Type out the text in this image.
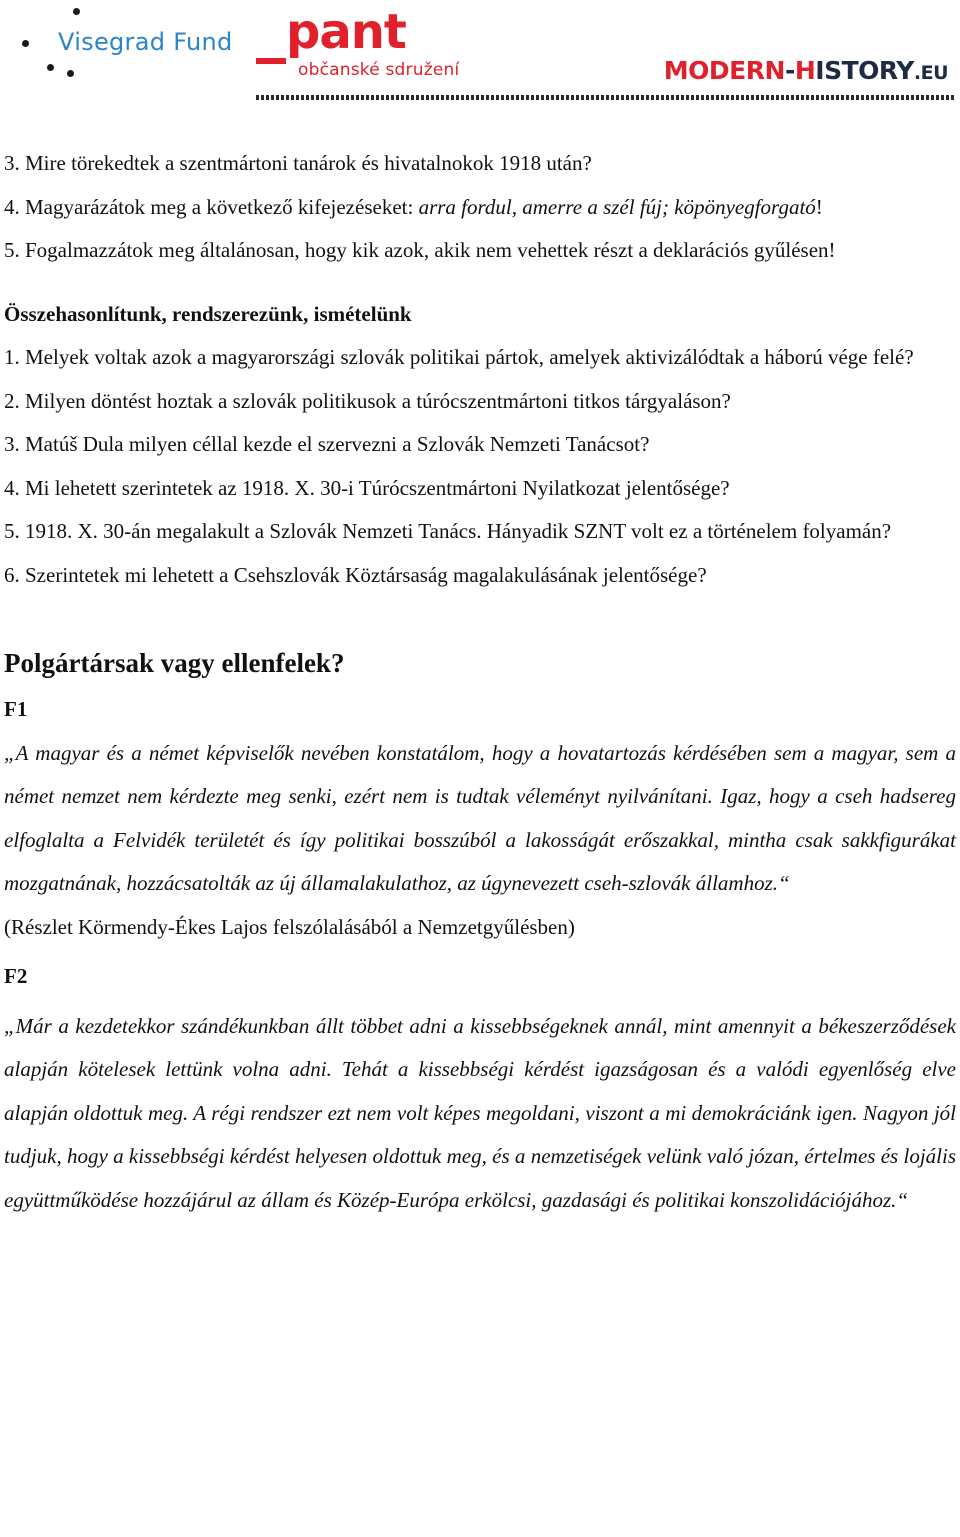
Visegrad Fund pant
občanské sdružení	MODERN-HISTORY.EU

3. Mire törekedtek a szentmártoni tanárok és hivatalnokok 1918 után?

4. Magyarázátok meg a következő kifejezéseket: arra fordul, amerre a szél fúj; köpönyegforgató!

5. Fogalmazzátok meg általánosan, hogy kik azok, akik nem vehettek részt a deklarációs gyűlésen!

Összehasonlítunk, rendszerezünk, ismételünk

1. Melyek voltak azok a magyarországi szlovák politikai pártok, amelyek aktivizálódtak a háború vége felé?

2. Milyen döntést hoztak a szlovák politikusok a túrócszentmártoni titkos tárgyaláson?

3. Matúš Dula milyen céllal kezde el szervezni a Szlovák Nemzeti Tanácsot?

4. Mi lehetett szerintetek az 1918. X. 30-i Túrócszentmártoni Nyilatkozat jelentősége?

5. 1918. X. 30-án megalakult a Szlovák Nemzeti Tanács. Hányadik SZNT volt ez a történelem folyamán?

6. Szerintetek mi lehetett a Csehszlovák Köztársaság magalakulásának jelentősége?

Polgártársak vagy ellenfelek?
F1

„A magyar és a német képviselők nevében konstatálom, hogy a hovatartozás kérdésében sem a magyar, sem a német nemzet nem kérdezte meg senki, ezért nem is tudtak véleményt nyilvánítani. Igaz, hogy a cseh hadsereg elfoglalta a Felvidék területét és így politikai bosszúból a lakosságát erőszakkal, mintha csak sakkfigurákat mozgatnának, hozzácsatolták az új államalakulathoz, az úgynevezett cseh-szlovák államhoz.“

(Részlet Körmendy-Ékes Lajos felszólalásából a Nemzetgyűlésben)

F2

„Már a kezdetekkor szándékunkban állt többet adni a kissebbségeknek annál, mint amennyit a békeszerződések alapján kötelesek lettünk volna adni. Tehát a kissebbségi kérdést igazságosan és a valódi egyenlőség elve alapján oldottuk meg. A régi rendszer ezt nem volt képes megoldani, viszont a mi demokráciánk igen. Nagyon jól tudjuk, hogy a kissebbségi kérdést helyesen oldottuk meg, és a nemzetiségek velünk való józan, értelmes és lojális együttműködése hozzájárul az állam és Közép-Európa erkölcsi, gazdasági és politikai konszolidációjához.“
